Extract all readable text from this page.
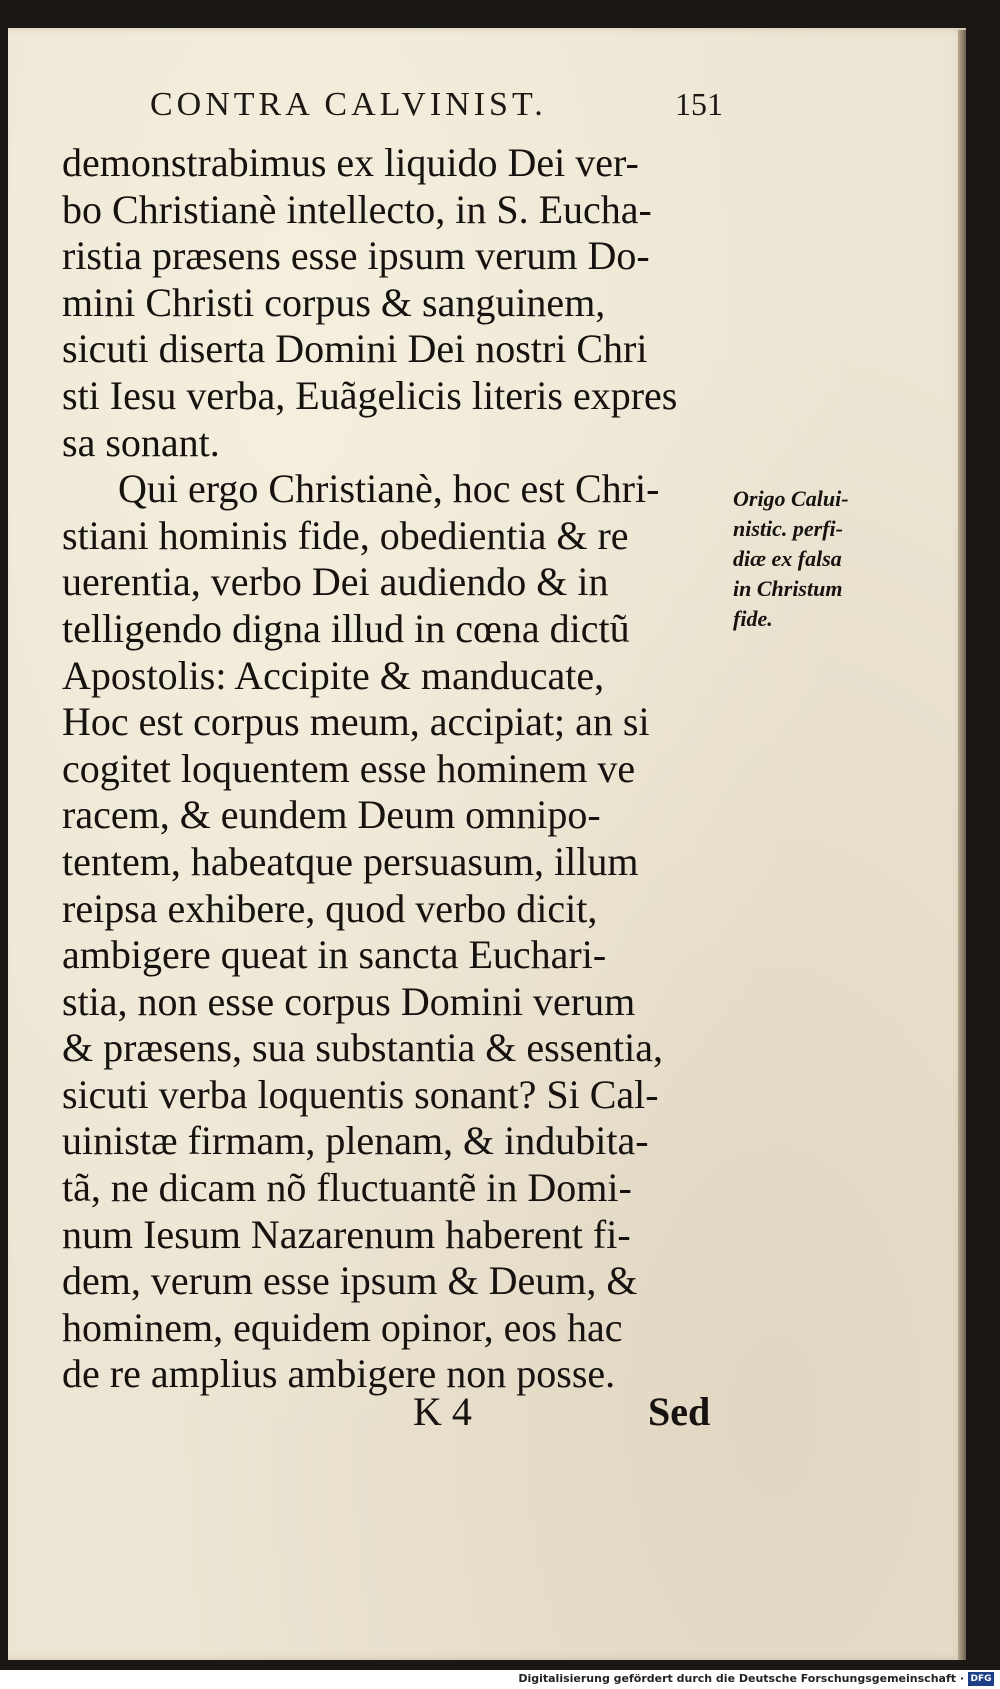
CONTRA CALVINIST.	151
demonstrabimus ex liquido Dei ver-
bo Christianè intellecto, in S. Eucha-
ristia præsens esse ipsum verum Do-
mini Christi corpus & sanguinem,
sicuti diserta Domini Dei nostri Chri
sti Iesu verba, Euãgelicis literis expres
sa sonant.
Qui ergo Christianè, hoc est Chri-
stiani hominis fide, obedientia & re
uerentia, verbo Dei audiendo & in
telligendo digna illud in cœna dictũ
Apostolis: Accipite & manducate,
Hoc est corpus meum, accipiat; an si
cogitet loquentem esse hominem ve
racem, & eundem Deum omnipo-
tentem, habeatque persuasum, illum
reipsa exhibere, quod verbo dicit,
ambigere queat in sancta Euchari-
stia, non esse corpus Domini verum
& præsens, sua substantia & essentia,
sicuti verba loquentis sonant? Si Cal-
uinistæ firmam, plenam, & indubita-
tã, ne dicam nõ fluctuantẽ in Domi-
num Iesum Nazarenum haberent fi-
dem, verum esse ipsum & Deum, &
hominem, equidem opinor, eos hac
de re amplius ambigere non posse.
Origo Calui-
nistic. perfi-
diæ ex falsa
in Christum
fide.
K 4	Sed
Digitalisierung gefördert durch die Deutsche Forschungsgemeinschaft · DFG
